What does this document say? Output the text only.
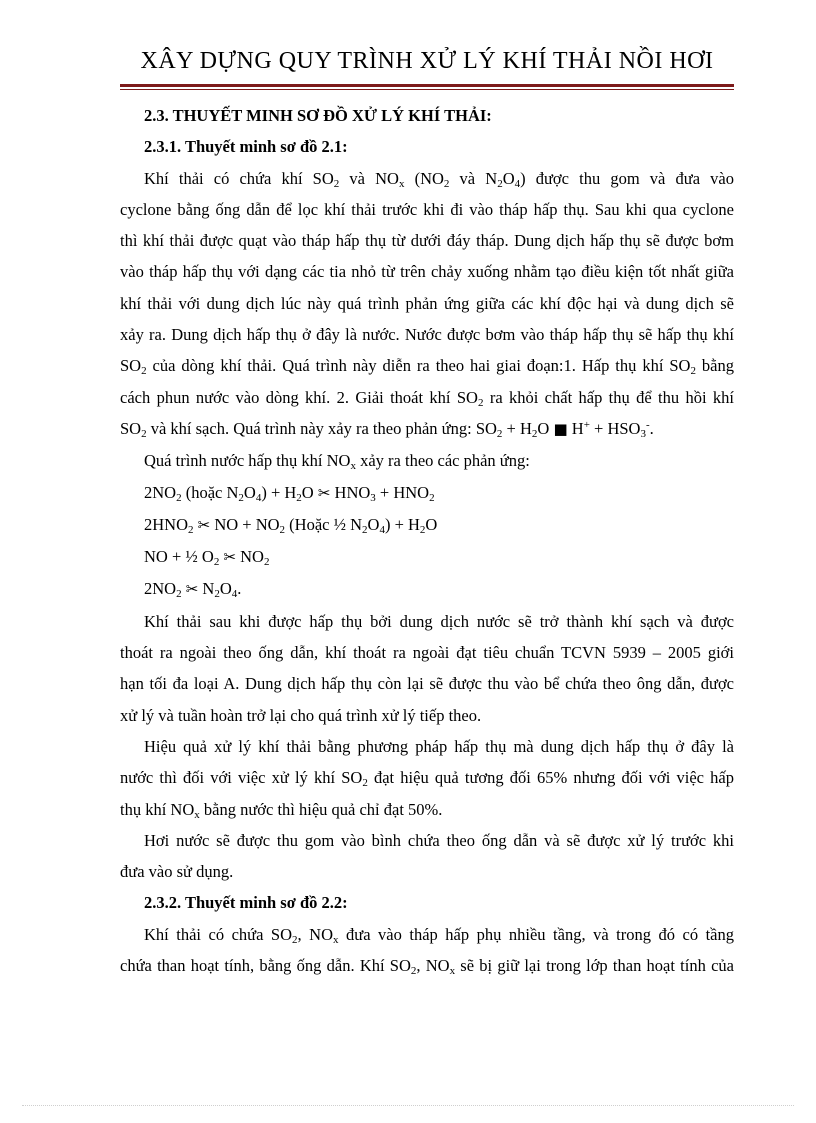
XÂY DỰNG QUY TRÌNH XỬ LÝ KHÍ THẢI NỒI HƠI

2.3. THUYẾT MINH SƠ ĐỒ XỬ LÝ KHÍ THẢI:

2.3.1. Thuyết minh sơ đồ 2.1:

Khí thải có chứa khí $SO_2$ và $NO_x$ ($NO_2$ và $N_2O_4$) được thu gom và đưa vào

cyclone bằng ống dẫn để lọc khí thải trước khi đi vào tháp hấp thụ. Sau khi qua cyclone

thì khí thải được quạt vào tháp hấp thụ từ dưới đáy tháp. Dung dịch hấp thụ sẽ được bơm

vào tháp hấp thụ với dạng các tia nhỏ từ trên chảy xuống nhằm tạo điều kiện tốt nhất giữa

khí thải với dung dịch lúc này quá trình phản ứng giữa các khí độc hại và dung dịch sẽ

xảy ra. Dung dịch hấp thụ ở đây là nước. Nước được bơm vào tháp hấp thụ sẽ hấp thụ khí

$SO_2$ của dòng khí thải. Quá trình này diễn ra theo hai giai đoạn:1. Hấp thụ khí $SO_2$ bằng

cách phun nước vào dòng khí. 2. Giải thoát khí $SO_2$ ra khỏi chất hấp thụ để thu hồi khí

$SO_2$ và khí sạch. Quá trình này xảy ra theo phản ứng: $SO_2 + H_2O$ ■ $H^+ + HSO_3^-$.

Quá trình nước hấp thụ khí $NO_x$ xảy ra theo các phản ứng:

$2NO_2$ (hoặc $N_2O_4) + H_2O$ ✂ $HNO_3 + HNO_2$

$2HNO_2$ ✂ NO + $NO_2$ (Hoặc ½ $N_2O_4) + H_2O$

NO + ½ $O_2$ ✂ $NO_2$

$2NO_2$ ✂ $N_2O_4$.

Khí thải sau khi được hấp thụ bởi dung dịch nước sẽ trở thành khí sạch và được

thoát ra ngoài theo ống dẫn, khí thoát ra ngoài đạt tiêu chuẩn TCVN 5939 – 2005 giới

hạn tối đa loại A. Dung dịch hấp thụ còn lại sẽ được thu vào bể chứa theo ông dẫn, được

xử lý và tuần hoàn trở lại cho quá trình xử lý tiếp theo.

Hiệu quả xử lý khí thải bằng phương pháp hấp thụ mà dung dịch hấp thụ ở đây là

nước thì đối với việc xử lý khí $SO_2$ đạt hiệu quả tương đối 65% nhưng đối với việc hấp

thụ khí $NO_x$ bằng nước thì hiệu quả chỉ đạt 50%.

Hơi nước sẽ được thu gom vào bình chứa theo ống dẫn và sẽ được xử lý trước khi

đưa vào sử dụng.

2.3.2. Thuyết minh sơ đồ 2.2:

Khí thải có chứa $SO_2$, $NO_x$ đưa vào tháp hấp phụ nhiều tầng, và trong đó có tầng

chứa than hoạt tính, bằng ống dẫn. Khí $SO_2$, $NO_x$ sẽ bị giữ lại trong lớp than hoạt tính của
